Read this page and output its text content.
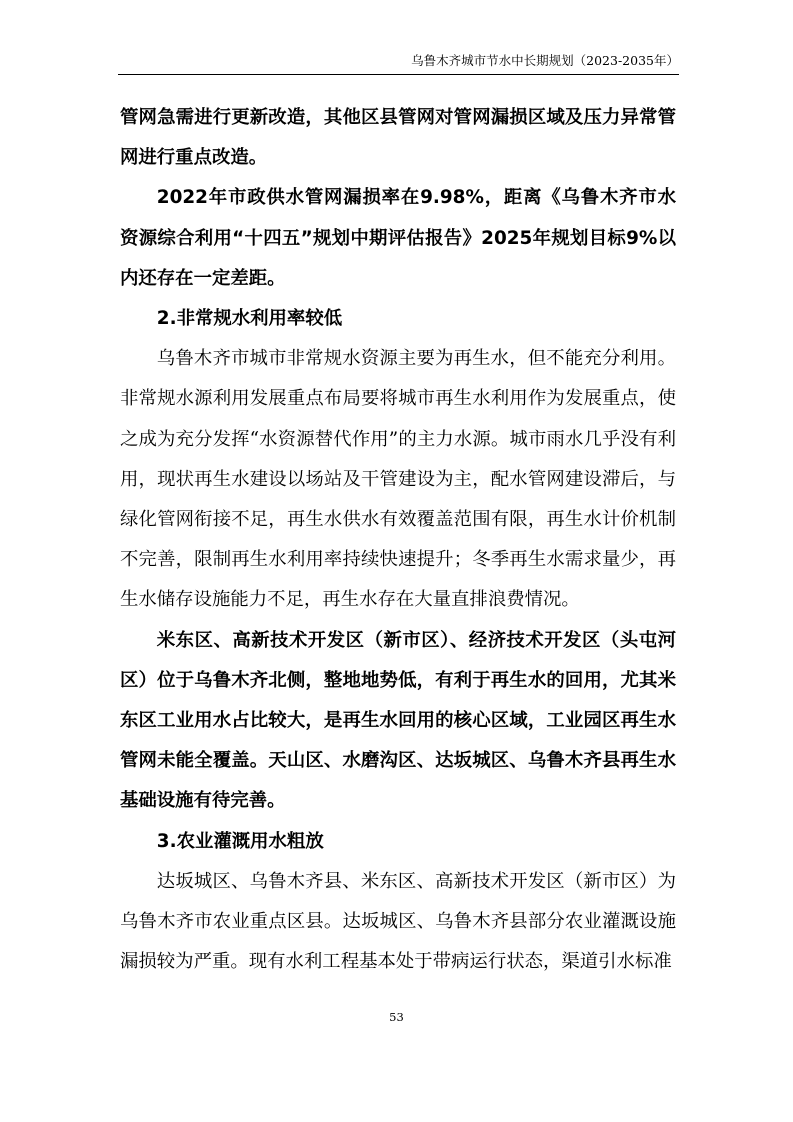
乌鲁木齐城市节水中长期规划（2023-2035年）

管网急需进行更新改造，其他区县管网对管网漏损区域及压力异常管网进行重点改造。

2022年市政供水管网漏损率在9.98%，距离《乌鲁木齐市水资源综合利用“十四五”规划中期评估报告》2025年规划目标9%以内还存在一定差距。

2.非常规水利用率较低

乌鲁木齐市城市非常规水资源主要为再生水，但不能充分利用。非常规水源利用发展重点布局要将城市再生水利用作为发展重点，使之成为充分发挥“水资源替代作用”的主力水源。城市雨水几乎没有利用，现状再生水建设以场站及干管建设为主，配水管网建设滞后，与绿化管网衔接不足，再生水供水有效覆盖范围有限，再生水计价机制不完善，限制再生水利用率持续快速提升；冬季再生水需求量少，再生水储存设施能力不足，再生水存在大量直排浪费情况。

米东区、高新技术开发区（新市区）、经济技术开发区（头屯河区）位于乌鲁木齐北侧，整地地势低，有利于再生水的回用，尤其米东区工业用水占比较大，是再生水回用的核心区域，工业园区再生水管网未能全覆盖。天山区、水磨沟区、达坂城区、乌鲁木齐县再生水基础设施有待完善。

3.农业灌溉用水粗放

达坂城区、乌鲁木齐县、米东区、高新技术开发区（新市区）为乌鲁木齐市农业重点区县。达坂城区、乌鲁木齐县部分农业灌溉设施漏损较为严重。现有水利工程基本处于带病运行状态，渠道引水标准

53
